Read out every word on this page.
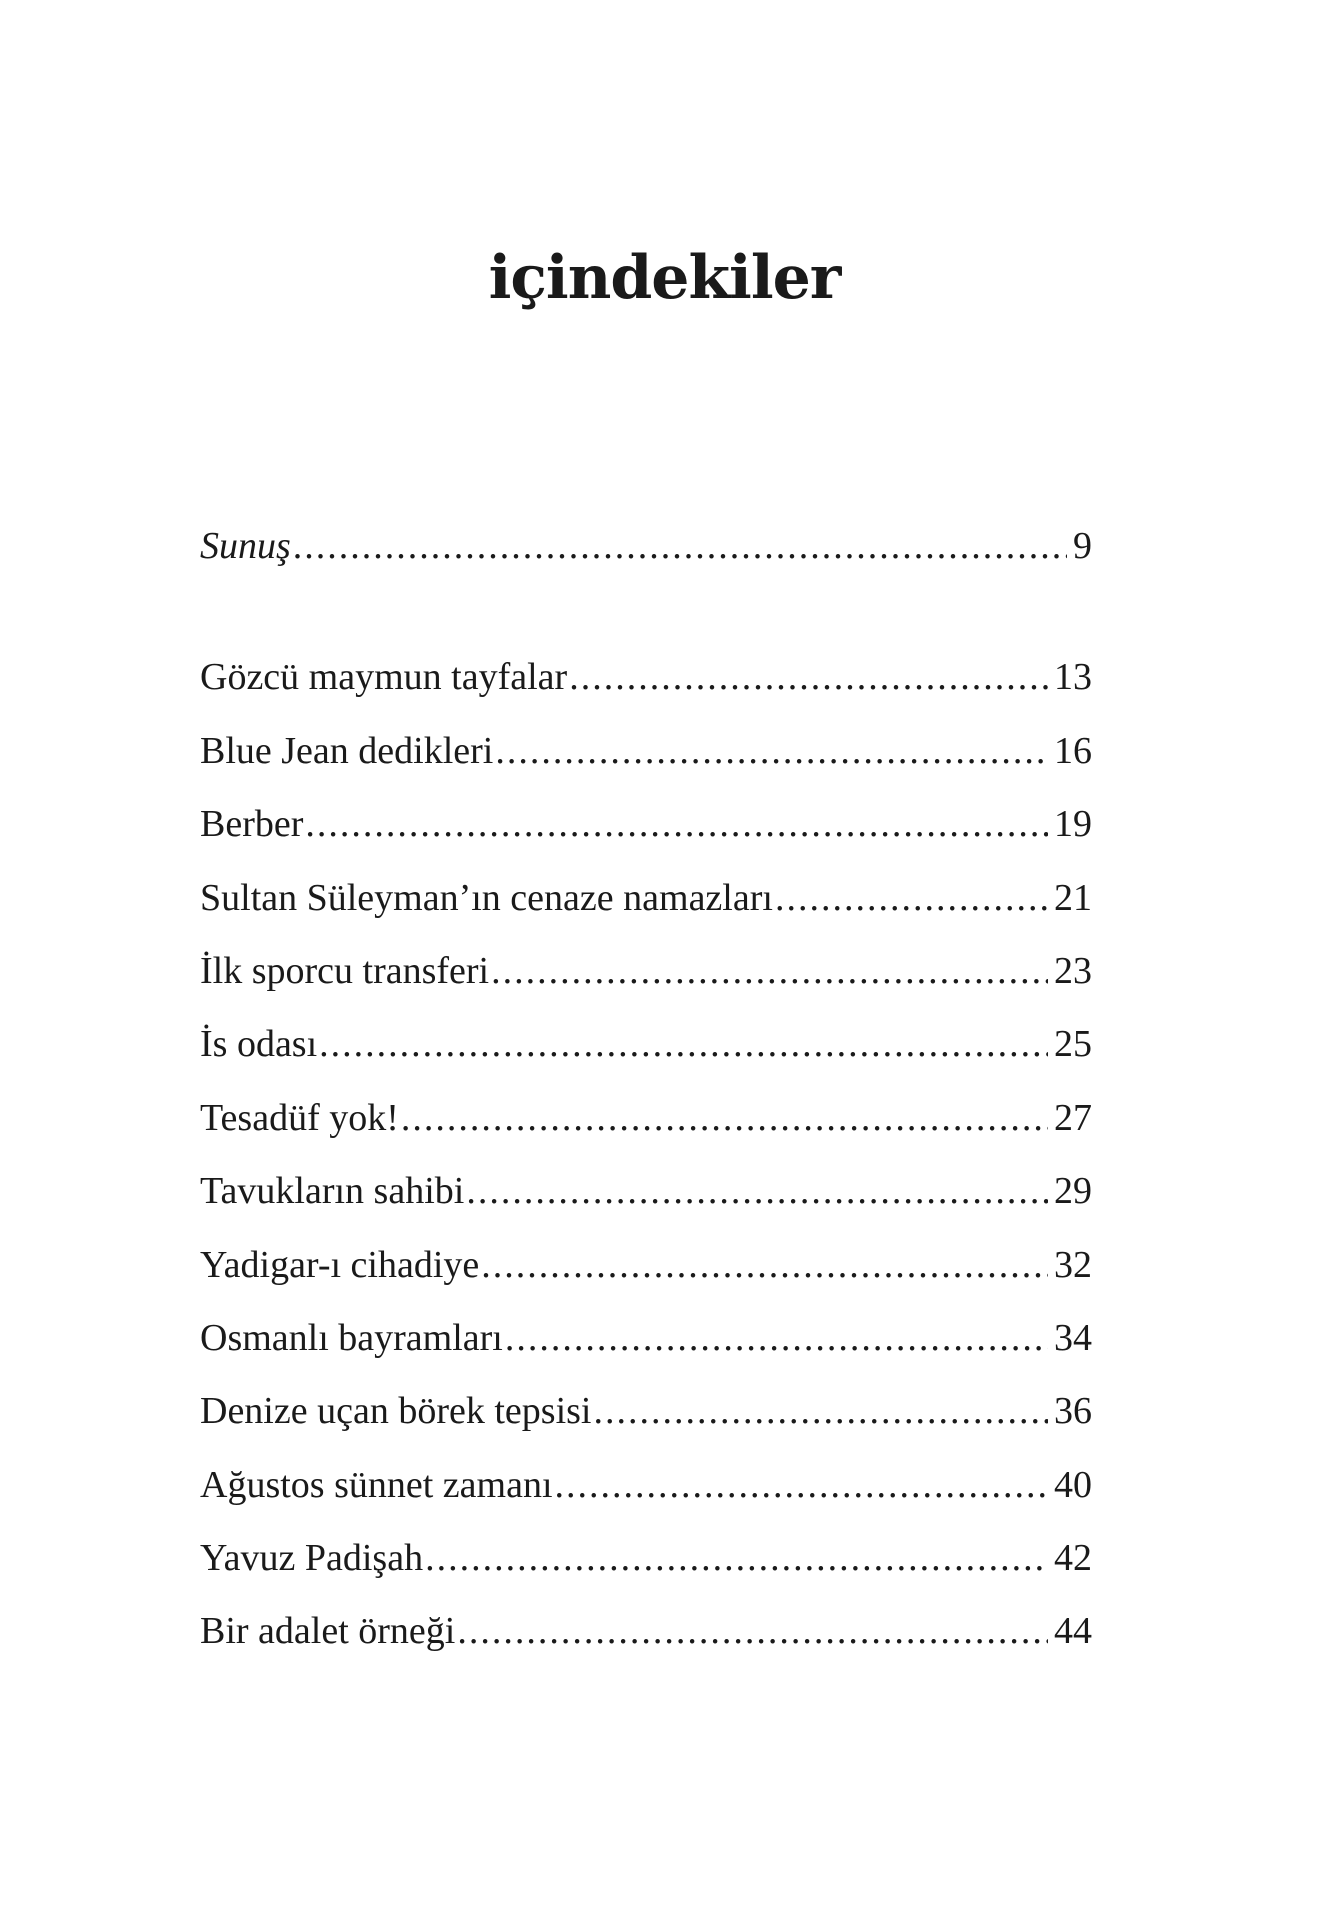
içindekiler
Sunuş .....	9
Gözcü maymun tayfalar .....	13
Blue Jean dedikleri .....	16
Berber .....	19
Sultan Süleyman’ın cenaze namazları .....	21
İlk sporcu transferi .....	23
İs odası .....	25
Tesadüf yok! .....	27
Tavukların sahibi .....	29
Yadigar-ı cihadiye .....	32
Osmanlı bayramları .....	34
Denize uçan börek tepsisi .....	36
Ağustos sünnet zamanı .....	40
Yavuz Padişah .....	42
Bir adalet örneği .....	44
